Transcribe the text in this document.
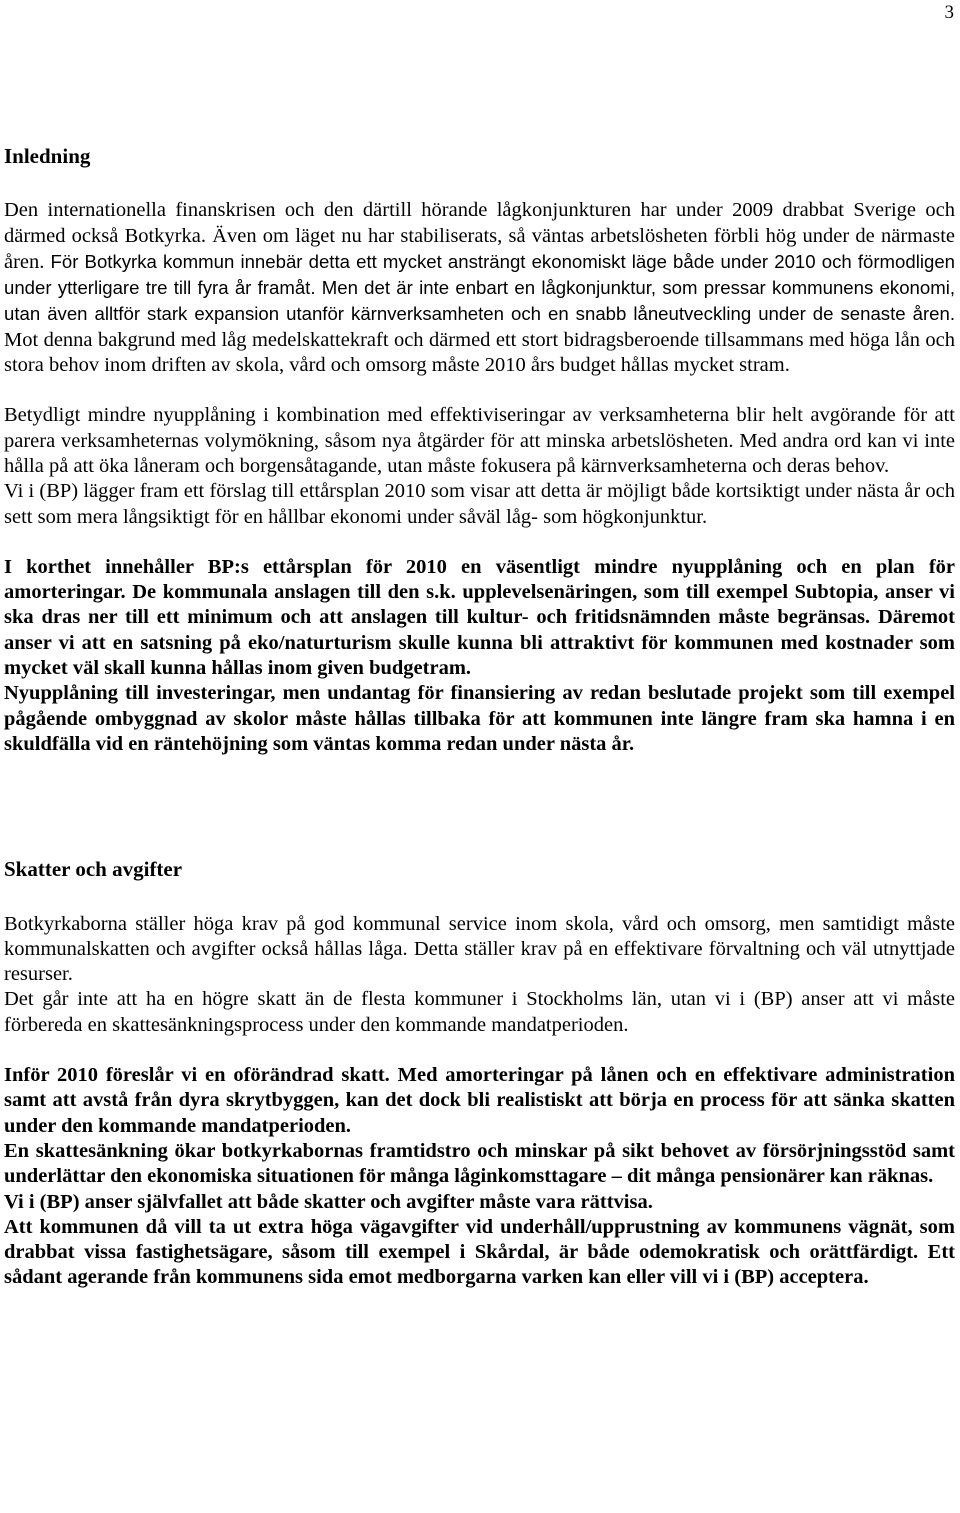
3
Inledning

Den internationella finanskrisen och den därtill hörande lågkonjunkturen har under 2009 drabbat Sverige och därmed också Botkyrka. Även om läget nu har stabiliserats, så väntas arbetslösheten förbli hög under de närmaste åren. För Botkyrka kommun innebär detta ett mycket ansträngt ekonomiskt läge både under 2010 och förmodligen under ytterligare tre till fyra år framåt. Men det är inte enbart en lågkonjunktur, som pressar kommunens ekonomi, utan även alltför stark expansion utanför kärnverksamheten och en snabb låneutveckling under de senaste åren. Mot denna bakgrund med låg medelskattekraft och därmed ett stort bidragsberoende tillsammans med höga lån och stora behov inom driften av skola, vård och omsorg måste 2010 års budget hållas mycket stram.

Betydligt mindre nyupplåning i kombination med effektiviseringar av verksamheterna blir helt avgörande för att parera verksamheternas volymökning, såsom nya åtgärder för att minska arbetslösheten. Med andra ord kan vi inte hålla på att öka låneram och borgensåtagande, utan måste fokusera på kärnverksamheterna och deras behov.

Vi i (BP) lägger fram ett förslag till ettårsplan 2010 som visar att detta är möjligt både kortsiktigt under nästa år och sett som mera långsiktigt för en hållbar ekonomi under såväl låg- som högkonjunktur.

I korthet innehåller BP:s ettårsplan för 2010 en väsentligt mindre nyupplåning och en plan för amorteringar. De kommunala anslagen till den s.k. upplevelsenäringen, som till exempel Subtopia, anser vi ska dras ner till ett minimum och att anslagen till kultur- och fritidsnämnden måste begränsas. Däremot anser vi att en satsning på eko/naturturism skulle kunna bli attraktivt för kommunen med kostnader som mycket väl skall kunna hållas inom given budgetram.

Nyupplåning till investeringar, men undantag för finansiering av redan beslutade projekt som till exempel pågående ombyggnad av skolor måste hållas tillbaka för att kommunen inte längre fram ska hamna i en skuldfälla vid en räntehöjning som väntas komma redan under nästa år.

Skatter och avgifter

Botkyrkaborna ställer höga krav på god kommunal service inom skola, vård och omsorg, men samtidigt måste kommunalskatten och avgifter också hållas låga. Detta ställer krav på en effektivare förvaltning och väl utnyttjade resurser.

Det går inte att ha en högre skatt än de flesta kommuner i Stockholms län, utan vi i (BP) anser att vi måste förbereda en skattesänkningsprocess under den kommande mandatperioden.

Inför 2010 föreslår vi en oförändrad skatt. Med amorteringar på lånen och en effektivare administration samt att avstå från dyra skrytbyggen, kan det dock bli realistiskt att börja en process för att sänka skatten under den kommande mandatperioden.

En skattesänkning ökar botkyrkabornas framtidstro och minskar på sikt behovet av försörjningsstöd samt underlättar den ekonomiska situationen för många låginkomsttagare – dit många pensionärer kan räknas.

Vi i (BP) anser självfallet att både skatter och avgifter måste vara rättvisa.

Att kommunen då vill ta ut extra höga vägavgifter vid underhåll/upprustning av kommunens vägnät, som drabbat vissa fastighetsägare, såsom till exempel i Skårdal, är både odemokratisk och orättfärdigt. Ett sådant agerande från kommunens sida emot medborgarna varken kan eller vill vi i (BP) acceptera.
